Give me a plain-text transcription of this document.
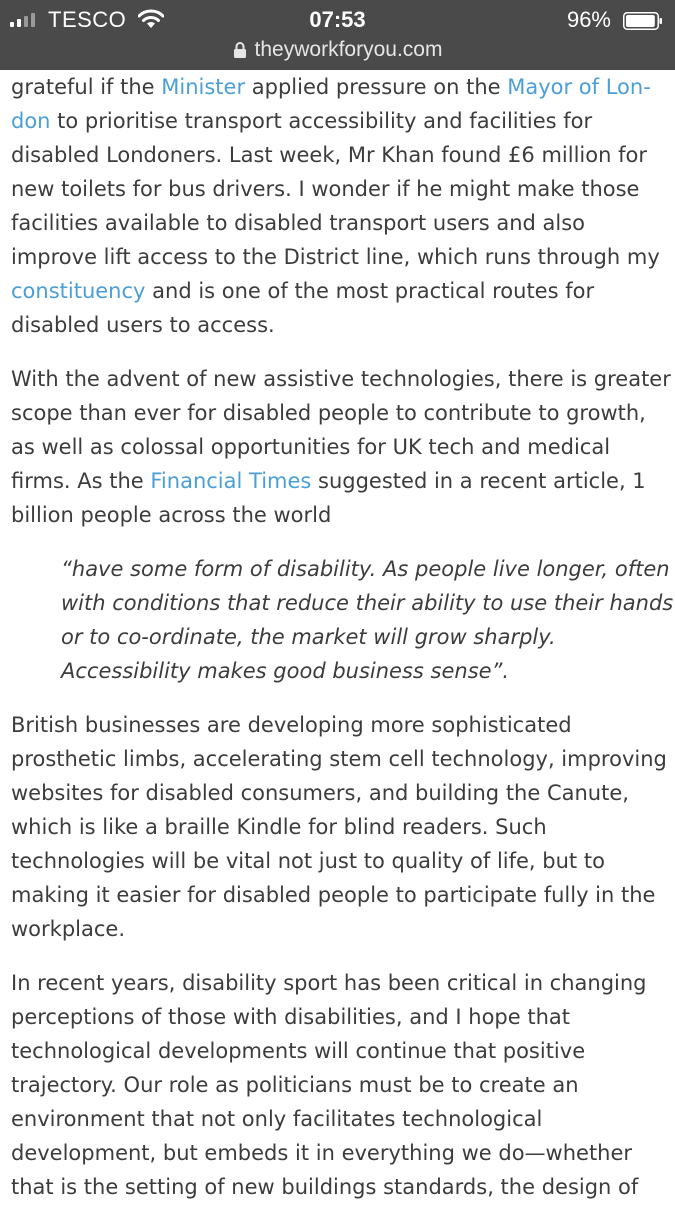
TESCO	07:53	96%
theyworkforyou.com

grateful if the Minister applied pressure on the Mayor of Lon-
don to prioritise transport accessibility and facilities for
disabled Londoners. Last week, Mr Khan found £6 million for
new toilets for bus drivers. I wonder if he might make those
facilities available to disabled transport users and also
improve lift access to the District line, which runs through my
constituency and is one of the most practical routes for
disabled users to access.

With the advent of new assistive technologies, there is greater
scope than ever for disabled people to contribute to growth,
as well as colossal opportunities for UK tech and medical
firms. As the Financial Times suggested in a recent article, 1
billion people across the world

“have some form of disability. As people live longer, often
with conditions that reduce their ability to use their hands
or to co-ordinate, the market will grow sharply.
Accessibility makes good business sense”.

British businesses are developing more sophisticated
prosthetic limbs, accelerating stem cell technology, improving
websites for disabled consumers, and building the Canute,
which is like a braille Kindle for blind readers. Such
technologies will be vital not just to quality of life, but to
making it easier for disabled people to participate fully in the
workplace.

In recent years, disability sport has been critical in changing
perceptions of those with disabilities, and I hope that
technological developments will continue that positive
trajectory. Our role as politicians must be to create an
environment that not only facilitates technological
development, but embeds it in everything we do—whether
that is the setting of new buildings standards, the design of
